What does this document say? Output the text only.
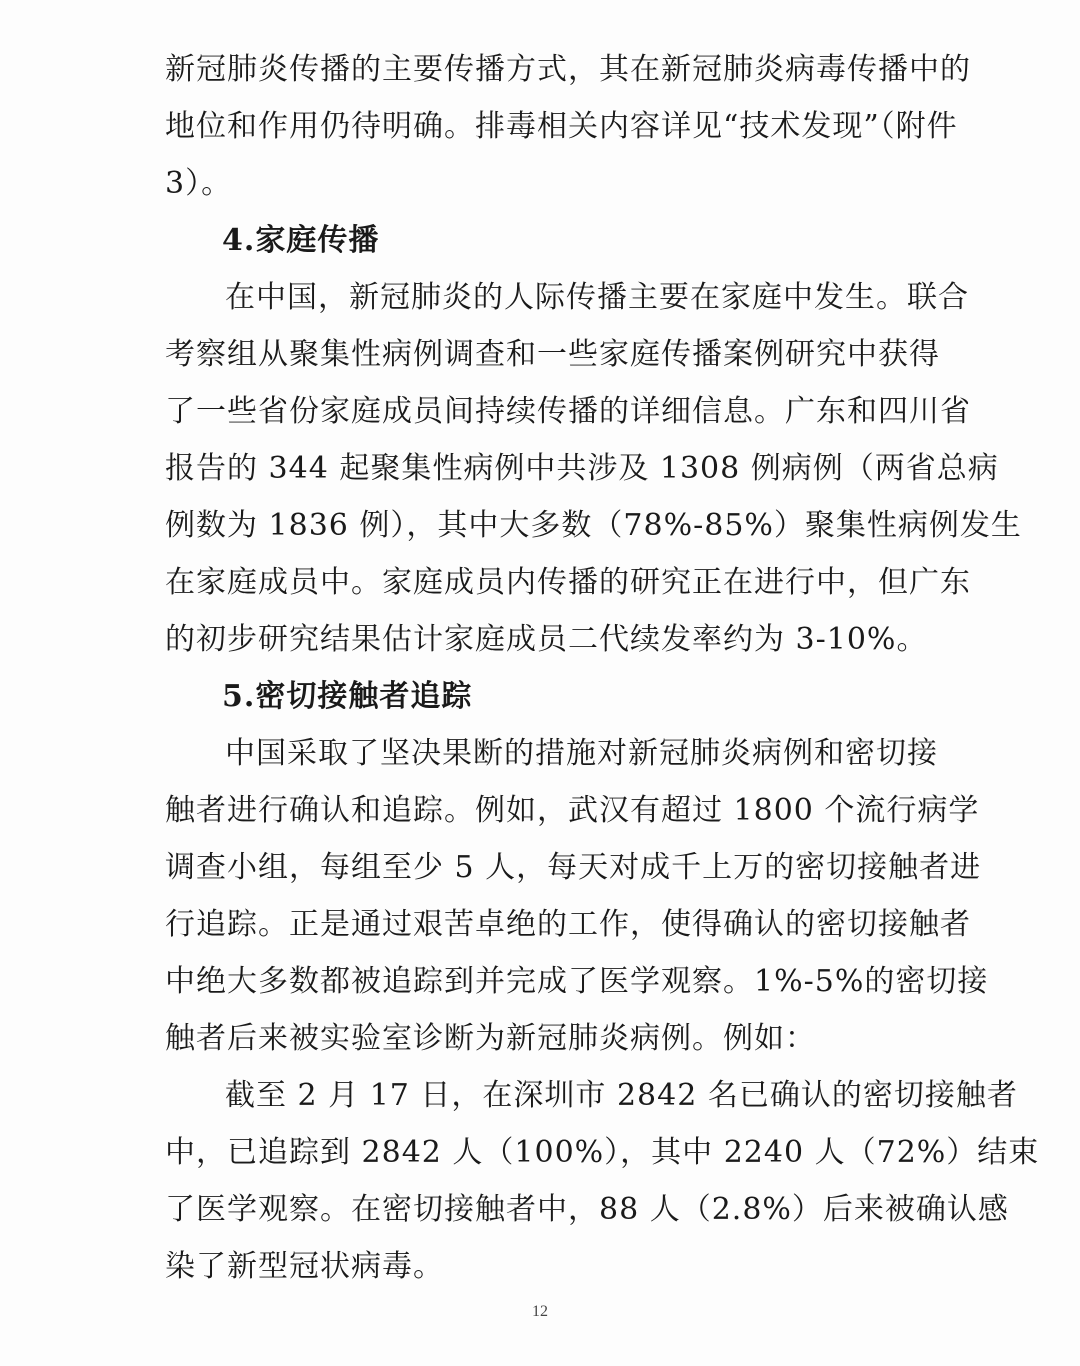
新冠肺炎传播的主要传播方式，其在新冠肺炎病毒传播中的
地位和作用仍待明确。排毒相关内容详见“技术发现”（附件
3）。
4.家庭传播
在中国，新冠肺炎的人际传播主要在家庭中发生。联合
考察组从聚集性病例调查和一些家庭传播案例研究中获得
了一些省份家庭成员间持续传播的详细信息。广东和四川省
报告的 344 起聚集性病例中共涉及 1308 例病例（两省总病
例数为 1836 例），其中大多数（78%-85%）聚集性病例发生
在家庭成员中。家庭成员内传播的研究正在进行中，但广东
的初步研究结果估计家庭成员二代续发率约为 3-10%。
5.密切接触者追踪
中国采取了坚决果断的措施对新冠肺炎病例和密切接
触者进行确认和追踪。例如，武汉有超过 1800 个流行病学
调查小组，每组至少 5 人，每天对成千上万的密切接触者进
行追踪。正是通过艰苦卓绝的工作，使得确认的密切接触者
中绝大多数都被追踪到并完成了医学观察。1%-5%的密切接
触者后来被实验室诊断为新冠肺炎病例。例如：
截至 2 月 17 日，在深圳市 2842 名已确认的密切接触者
中，已追踪到 2842 人（100%），其中 2240 人（72%）结束
了医学观察。在密切接触者中，88 人（2.8%）后来被确认感
染了新型冠状病毒。
12
